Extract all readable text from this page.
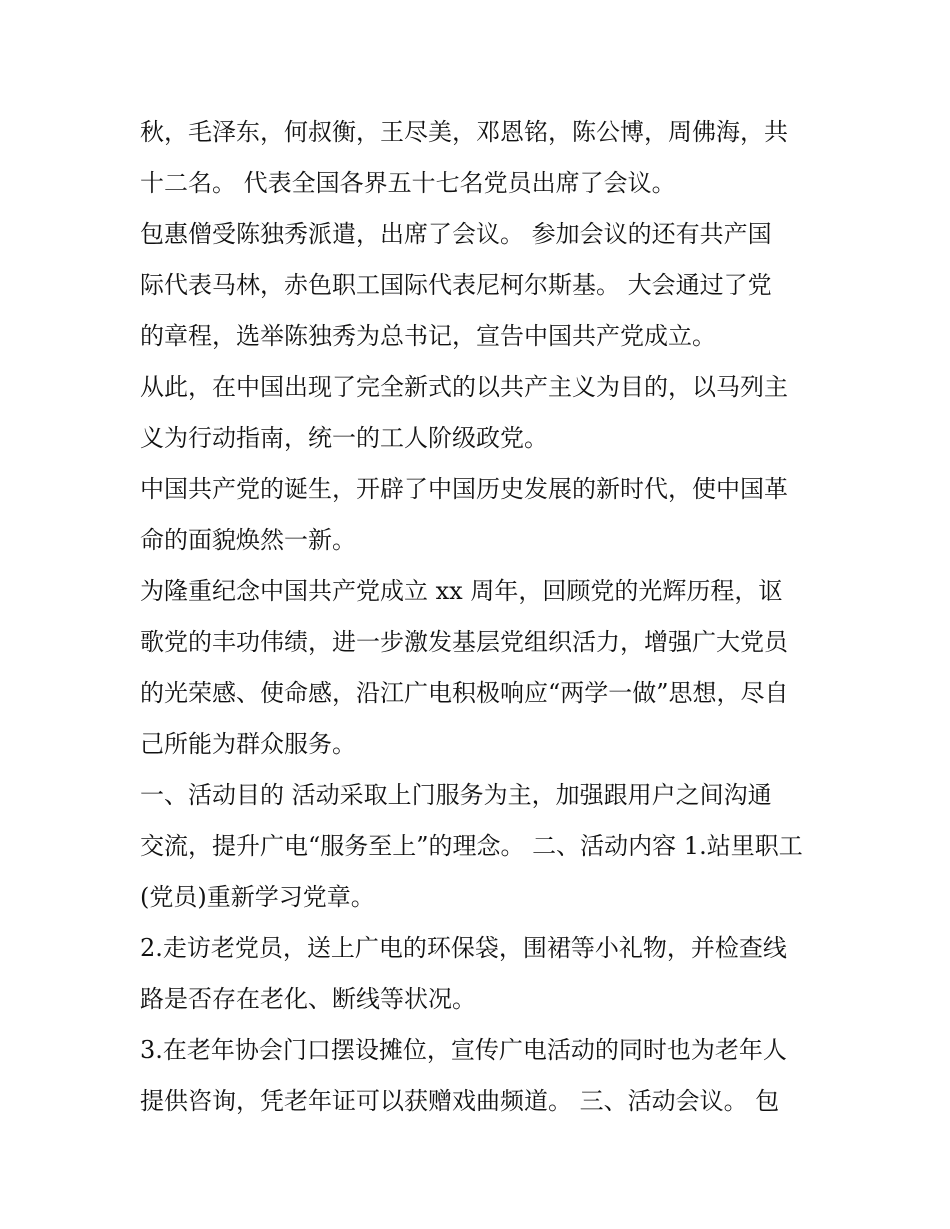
秋，毛泽东，何叔衡，王尽美，邓恩铭，陈公博，周佛海，共

十二名。 代表全国各界五十七名党员出席了会议。

包惠僧受陈独秀派遣，出席了会议。 参加会议的还有共产国

际代表马林，赤色职工国际代表尼柯尔斯基。 大会通过了党

的章程，选举陈独秀为总书记，宣告中国共产党成立。

从此，在中国出现了完全新式的以共产主义为目的，以马列主

义为行动指南，统一的工人阶级政党。

中国共产党的诞生，开辟了中国历史发展的新时代，使中国革

命的面貌焕然一新。

为隆重纪念中国共产党成立 xx 周年，回顾党的光辉历程，讴

歌党的丰功伟绩，进一步激发基层党组织活力，增强广大党员

的光荣感、使命感，沿江广电积极响应“两学一做”思想，尽自

己所能为群众服务。

一、活动目的 活动采取上门服务为主，加强跟用户之间沟通

交流，提升广电“服务至上”的理念。 二、活动内容 1.站里职工

(党员)重新学习党章。

2.走访老党员，送上广电的环保袋，围裙等小礼物，并检查线

路是否存在老化、断线等状况。

3.在老年协会门口摆设摊位，宣传广电活动的同时也为老年人

提供咨询，凭老年证可以获赠戏曲频道。 三、活动会议。 包
